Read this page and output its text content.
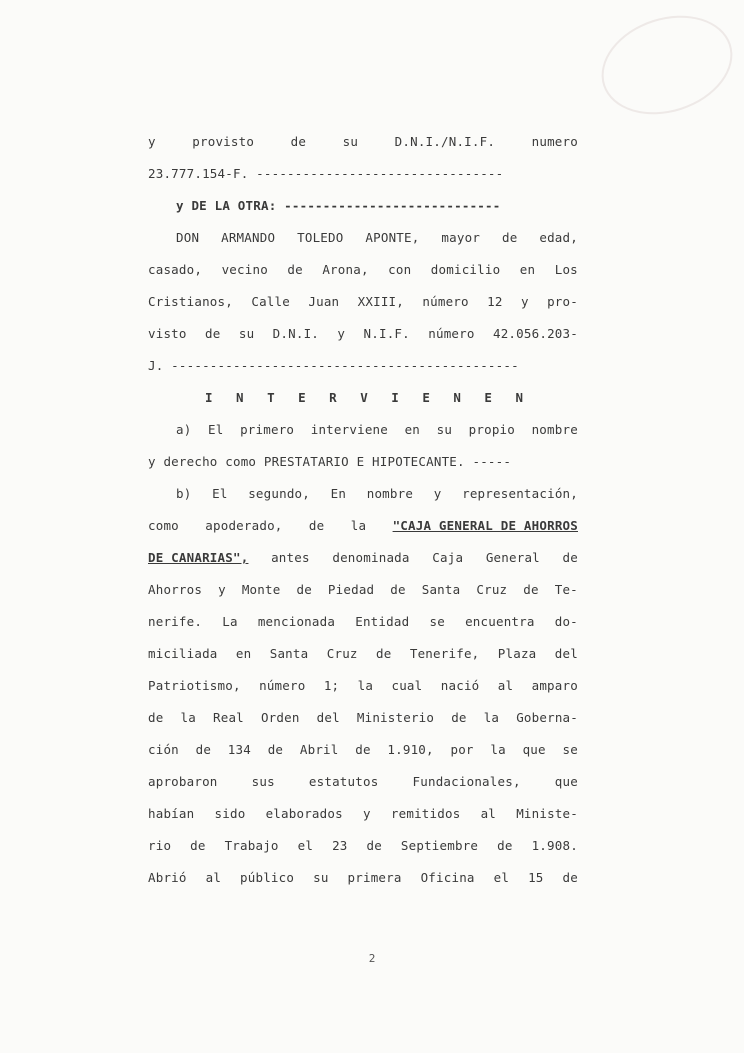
y	provisto	de	su	D.N.I./N.I.F.	numero
23.777.154-F. --------------------------------
y DE LA OTRA: ----------------------------
DON ARMANDO TOLEDO APONTE, mayor de edad,
casado, vecino de Arona, con domicilio en Los
Cristianos, Calle Juan XXIII, número 12 y pro-
visto de su D.N.I. y N.I.F. número 42.056.203-
J. ---------------------------------------------
I N T E R V I E N E N
a) El primero interviene en su propio nombre
y derecho como PRESTATARIO E HIPOTECANTE. -----
b) El segundo, En nombre y representación,
como apoderado, de la "CAJA GENERAL DE AHORROS
DE CANARIAS", antes denominada Caja General de
Ahorros y Monte de Piedad de Santa Cruz de Te-
nerife. La mencionada Entidad se encuentra do-
miciliada en Santa Cruz de Tenerife, Plaza del
Patriotismo, número 1; la cual nació al amparo
de la Real Orden del Ministerio de la Goberna-
ción de 134 de Abril de 1.910, por la que se
aprobaron	sus	estatutos	Fundacionales,	que
habían sido elaborados y remitidos al Ministe-
rio de Trabajo el 23 de Septiembre de 1.908.
Abrió al público su primera Oficina el 15 de
2
